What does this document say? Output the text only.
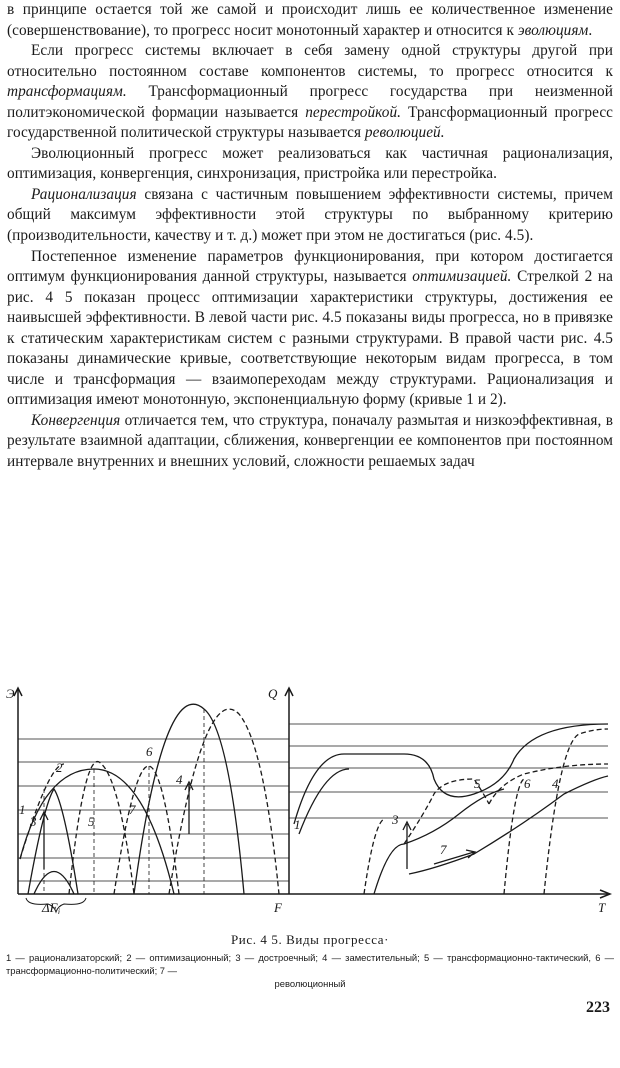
в принципе остается той же самой и происходит лишь ее количественное изменение (совершенствование), то прогресс носит монотонный характер и относится к эволюциям.

Если прогресс системы включает в себя замену одной структуры другой при относительно постоянном составе компонентов системы, то прогресс относится к трансформациям. Трансформационный прогресс государства при неизменной политэкономической формации называется перестройкой. Трансформационный прогресс государственной политической структуры называется революцией.

Эволюционный прогресс может реализоваться как частичная рационализация, оптимизация, конвергенция, синхронизация, пристройка или перестройка.

Рационализация связана с частичным повышением эффективности системы, причем общий максимум эффективности этой структуры по выбранному критерию (производительности, качеству и т. д.) может при этом не достигаться (рис. 4.5).

Постепенное изменение параметров функционирования, при котором достигается оптимум функционирования данной структуры, называется оптимизацией. Стрелкой 2 на рис. 4 5 показан процесс оптимизации характеристики структуры, достижения ее наивысшей эффективности. В левой части рис. 4.5 показаны виды прогресса, но в привязке к статическим характеристикам систем с разными структурами. В правой части рис. 4.5 показаны динамические кривые, соответствующие некоторым видам прогресса, в том числе и трансформация — взаимопереходам между структурами. Рационализация и оптимизация имеют монотонную, экспоненциальную форму (кривые 1 и 2).

Конвергенция отличается тем, что структура, поначалу размытая и низкоэффективная, в результате взаимной адаптации, сближения, конвергенции ее компонентов при постоянном интервале внутренних и внешних условий, сложности решаемых задач

Э	Q
F	T
$\Delta F_i$
1
2
3
4
5
6
7
1	3
5	6 4
7
Рис. 4 5. Виды прогресса·
1 — рационализаторский; 2 — оптимизационный; 3 — достроечный; 4 — заместительный; 5 — трансформационно-тактический, 6 — трансформационно-политический; 7 —
революционный
223
